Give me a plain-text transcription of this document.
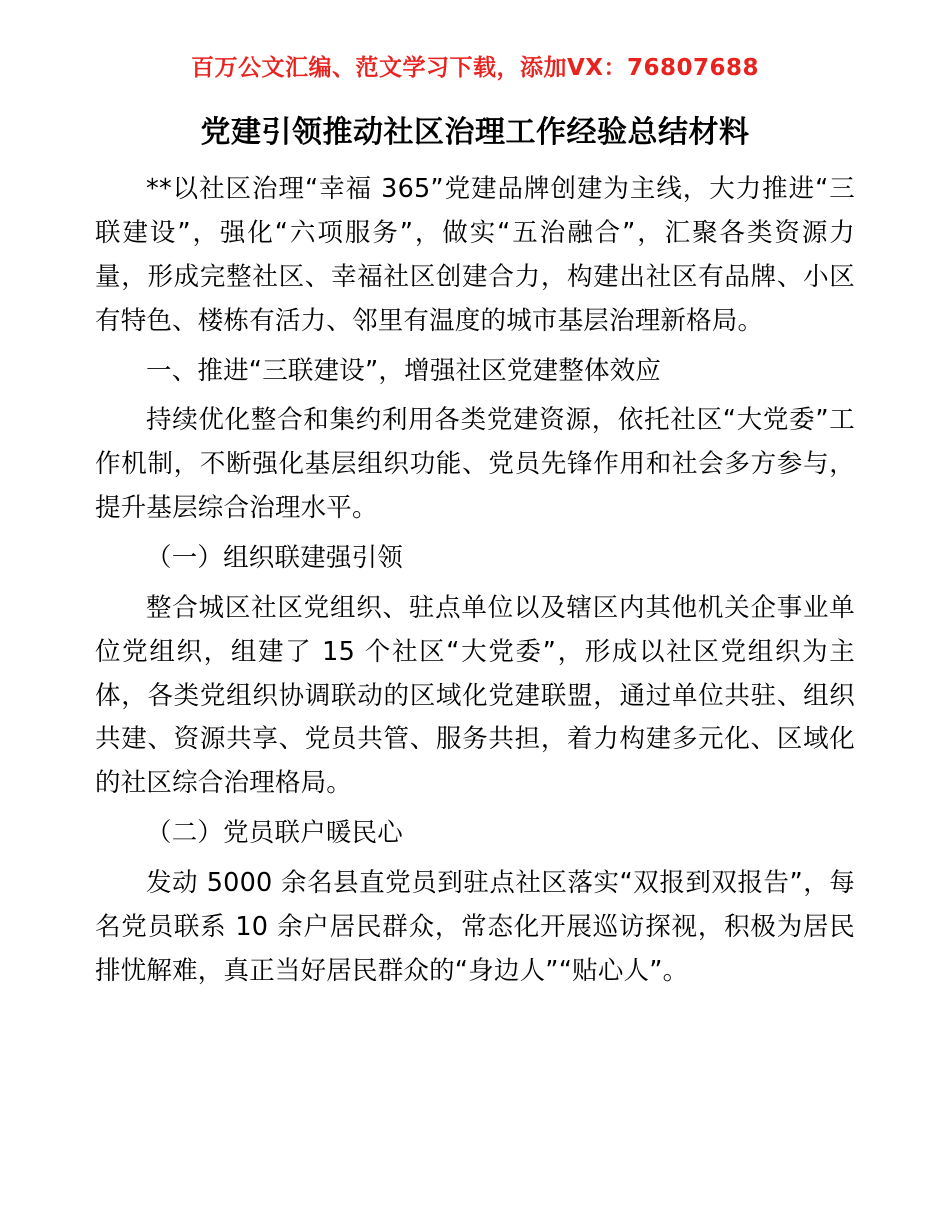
百万公文汇编、范文学习下载，添加VX：76807688
党建引领推动社区治理工作经验总结材料

**以社区治理“幸福 365”党建品牌创建为主线，大力推进“三联建设”，强化“六项服务”，做实“五治融合”，汇聚各类资源力量，形成完整社区、幸福社区创建合力，构建出社区有品牌、小区有特色、楼栋有活力、邻里有温度的城市基层治理新格局。

一、推进“三联建设”，增强社区党建整体效应

持续优化整合和集约利用各类党建资源，依托社区“大党委”工作机制，不断强化基层组织功能、党员先锋作用和社会多方参与，提升基层综合治理水平。

（一）组织联建强引领

整合城区社区党组织、驻点单位以及辖区内其他机关企事业单位党组织，组建了 15 个社区“大党委”，形成以社区党组织为主体，各类党组织协调联动的区域化党建联盟，通过单位共驻、组织共建、资源共享、党员共管、服务共担，着力构建多元化、区域化的社区综合治理格局。

（二）党员联户暖民心

发动 5000 余名县直党员到驻点社区落实“双报到双报告”，每名党员联系 10 余户居民群众，常态化开展巡访探视，积极为居民排忧解难，真正当好居民群众的“身边人”“贴心人”。
